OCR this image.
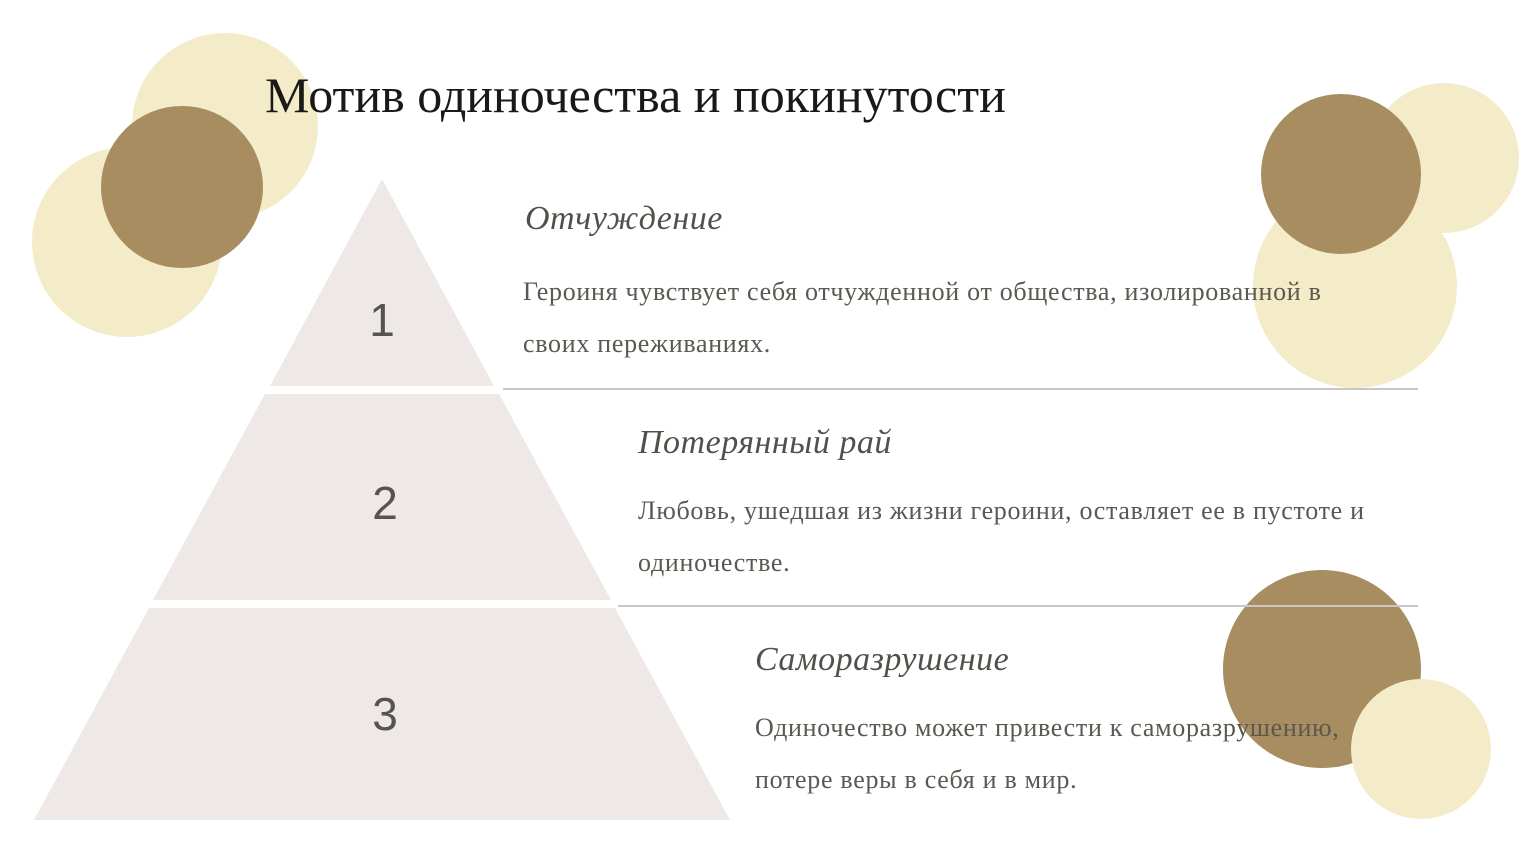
Мотив одиночества и покинутости
1
2
3
Отчуждение
Героиня чувствует себя отчужденной от общества, изолированной в
своих переживаниях.
Потерянный рай
Любовь, ушедшая из жизни героини, оставляет ее в пустоте и
одиночестве.
Саморазрушение
Одиночество может привести к саморазрушению,
потере веры в себя и в мир.
